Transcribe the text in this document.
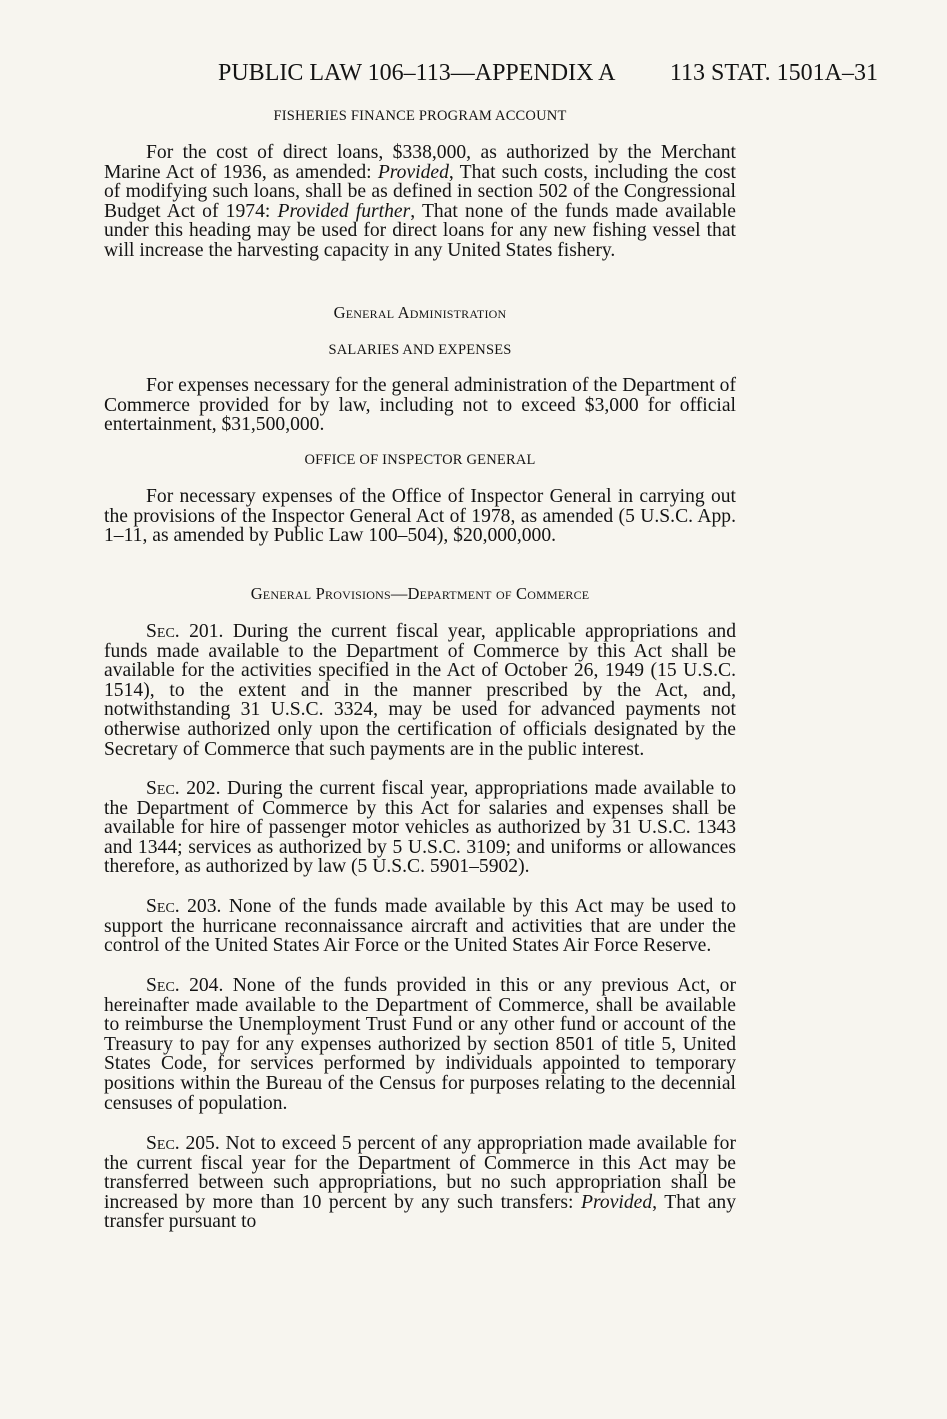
PUBLIC LAW 106–113—APPENDIX A 113 STAT. 1501A–31
FISHERIES FINANCE PROGRAM ACCOUNT
For the cost of direct loans, $338,000, as authorized by the Merchant Marine Act of 1936, as amended: Provided, That such costs, including the cost of modifying such loans, shall be as defined in section 502 of the Congressional Budget Act of 1974: Provided further, That none of the funds made available under this heading may be used for direct loans for any new fishing vessel that will increase the harvesting capacity in any United States fishery.
General Administration
SALARIES AND EXPENSES
For expenses necessary for the general administration of the Department of Commerce provided for by law, including not to exceed $3,000 for official entertainment, $31,500,000.
OFFICE OF INSPECTOR GENERAL
For necessary expenses of the Office of Inspector General in carrying out the provisions of the Inspector General Act of 1978, as amended (5 U.S.C. App. 1–11, as amended by Public Law 100–504), $20,000,000.
General Provisions—Department of Commerce
Sec. 201. During the current fiscal year, applicable appropriations and funds made available to the Department of Commerce by this Act shall be available for the activities specified in the Act of October 26, 1949 (15 U.S.C. 1514), to the extent and in the manner prescribed by the Act, and, notwithstanding 31 U.S.C. 3324, may be used for advanced payments not otherwise authorized only upon the certification of officials designated by the Secretary of Commerce that such payments are in the public interest.
Sec. 202. During the current fiscal year, appropriations made available to the Department of Commerce by this Act for salaries and expenses shall be available for hire of passenger motor vehicles as authorized by 31 U.S.C. 1343 and 1344; services as authorized by 5 U.S.C. 3109; and uniforms or allowances therefore, as authorized by law (5 U.S.C. 5901–5902).
Sec. 203. None of the funds made available by this Act may be used to support the hurricane reconnaissance aircraft and activities that are under the control of the United States Air Force or the United States Air Force Reserve.
Sec. 204. None of the funds provided in this or any previous Act, or hereinafter made available to the Department of Commerce, shall be available to reimburse the Unemployment Trust Fund or any other fund or account of the Treasury to pay for any expenses authorized by section 8501 of title 5, United States Code, for services performed by individuals appointed to temporary positions within the Bureau of the Census for purposes relating to the decennial censuses of population.
Sec. 205. Not to exceed 5 percent of any appropriation made available for the current fiscal year for the Department of Commerce in this Act may be transferred between such appropriations, but no such appropriation shall be increased by more than 10 percent by any such transfers: Provided, That any transfer pursuant to
